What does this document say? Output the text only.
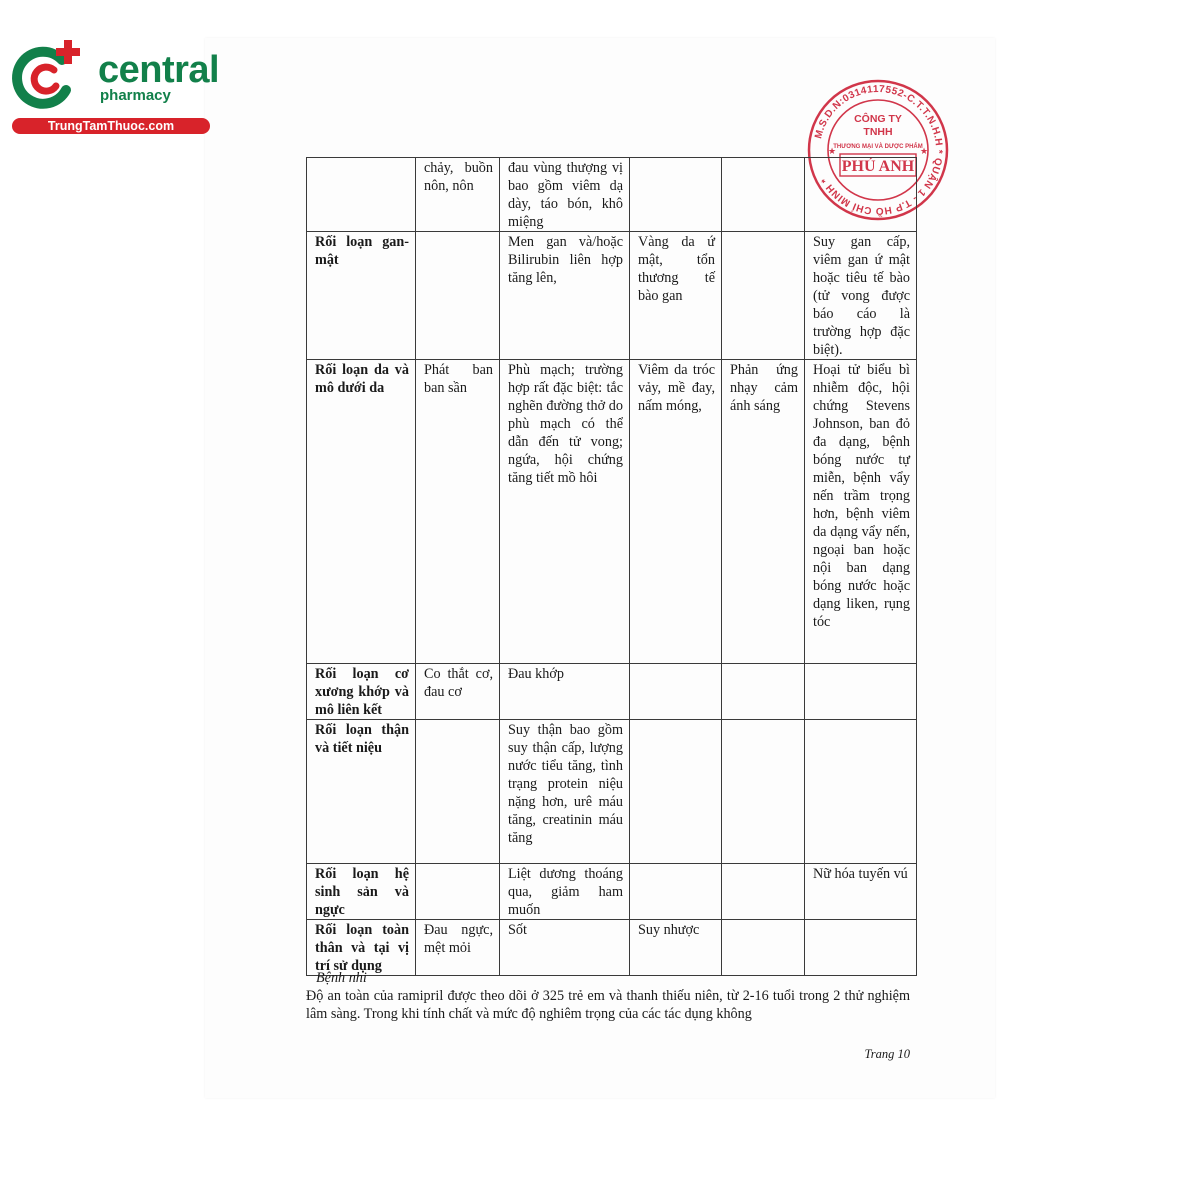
central
pharmacy
TrungTamThuoc.com
M.S.D.N:0314117552-C.T.T.N.H.H * QUẬN 1 - T.P HỒ CHÍ MINH *
CÔNG TY
TNHH
THƯƠNG MẠI VÀ DƯỢC PHẨM
PHÚ ANH
★	★
	chảy, buồn nôn, nôn	đau vùng thượng vị bao gồm viêm dạ dày, táo bón, khô miệng			
Rối loạn gan-mật		Men gan và/hoặc Bilirubin liên hợp tăng lên,	Vàng da ứ mật, tổn thương tế bào gan		Suy gan cấp, viêm gan ứ mật hoặc tiêu tế bào (tử vong được báo cáo là trường hợp đặc biệt).
Rối loạn da và mô dưới da	Phát ban ban sần	Phù mạch; trường hợp rất đặc biệt: tắc nghẽn đường thở do phù mạch có thể dẫn đến tử vong; ngứa, hội chứng tăng tiết mồ hôi	Viêm da tróc vảy, mề đay, nấm móng,	Phản ứng nhạy cảm ánh sáng	Hoại tử biểu bì nhiễm độc, hội chứng Stevens Johnson, ban đỏ đa dạng, bệnh bóng nước tự miễn, bệnh vẩy nến trầm trọng hơn, bệnh viêm da dạng vẩy nến, ngoại ban hoặc nội ban dạng bóng nước hoặc dạng liken, rụng tóc
Rối loạn cơ xương khớp và mô liên kết	Co thắt cơ, đau cơ	Đau khớp			
Rối loạn thận và tiết niệu		Suy thận bao gồm suy thận cấp, lượng nước tiểu tăng, tình trạng protein niệu nặng hơn, urê máu tăng, creatinin máu tăng			
Rối loạn hệ sinh sản và ngực		Liệt dương thoáng qua, giảm ham muốn			Nữ hóa tuyến vú
Rối loạn toàn thân và tại vị trí sử dụng	Đau ngực, mệt mỏi	Sốt	Suy nhược		
Bệnh nhi
Độ an toàn của ramipril được theo dõi ở 325 trẻ em và thanh thiếu niên, từ 2-16 tuổi trong 2 thử nghiệm lâm sàng. Trong khi tính chất và mức độ nghiêm trọng của các tác dụng không
Trang 10
